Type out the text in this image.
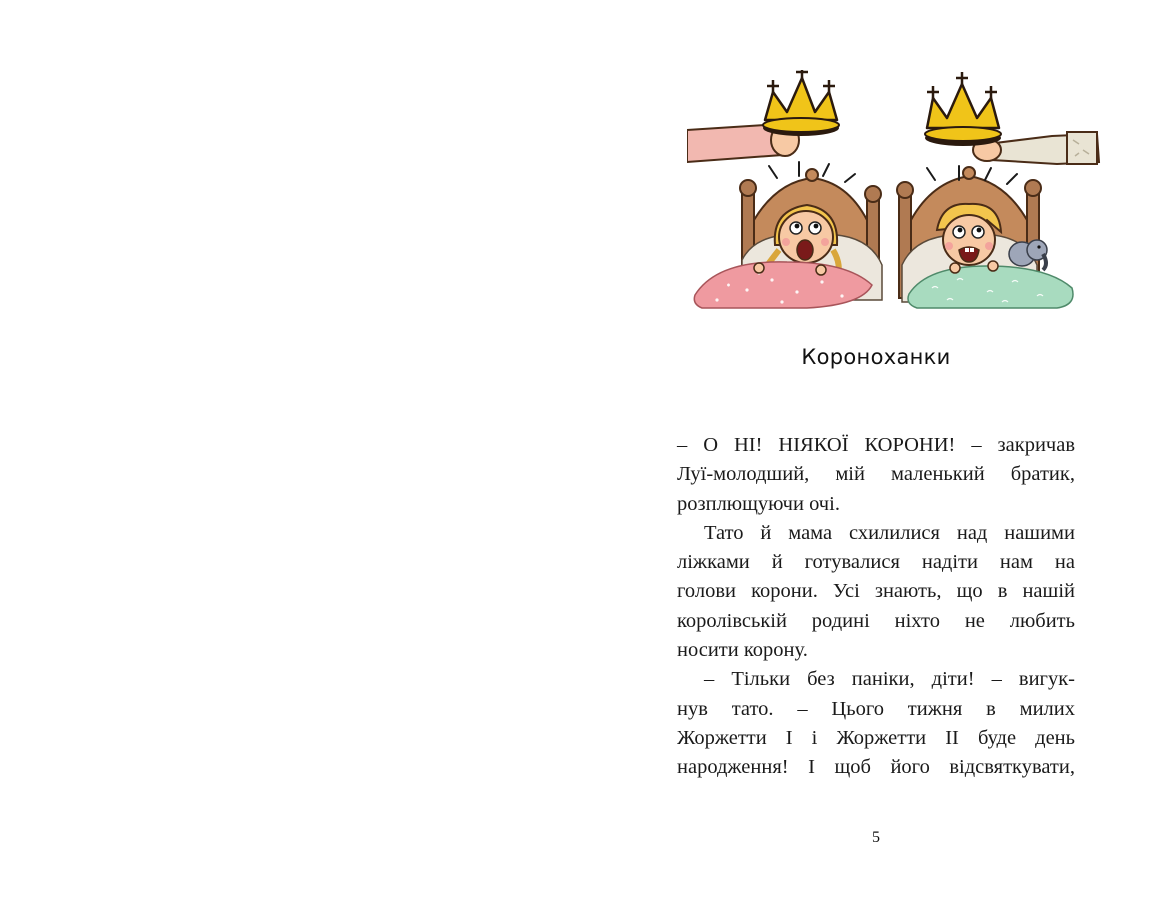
Короноханки
– О НІ! НІЯКОЇ КОРОНИ! – закричав
Луї-молодший, мій маленький братик,
розплющуючи очі.
Тато й мама схилилися над нашими
ліжками й готувалися надіти нам на
голови корони. Усі знають, що в нашій
королівській родині ніхто не любить
носити корону.
– Тільки без паніки, діти! – вигук-
нув тато. – Цього тижня в милих
Жоржетти І і Жоржетти ІІ буде день
народження! І щоб його відсвяткувати,
5
